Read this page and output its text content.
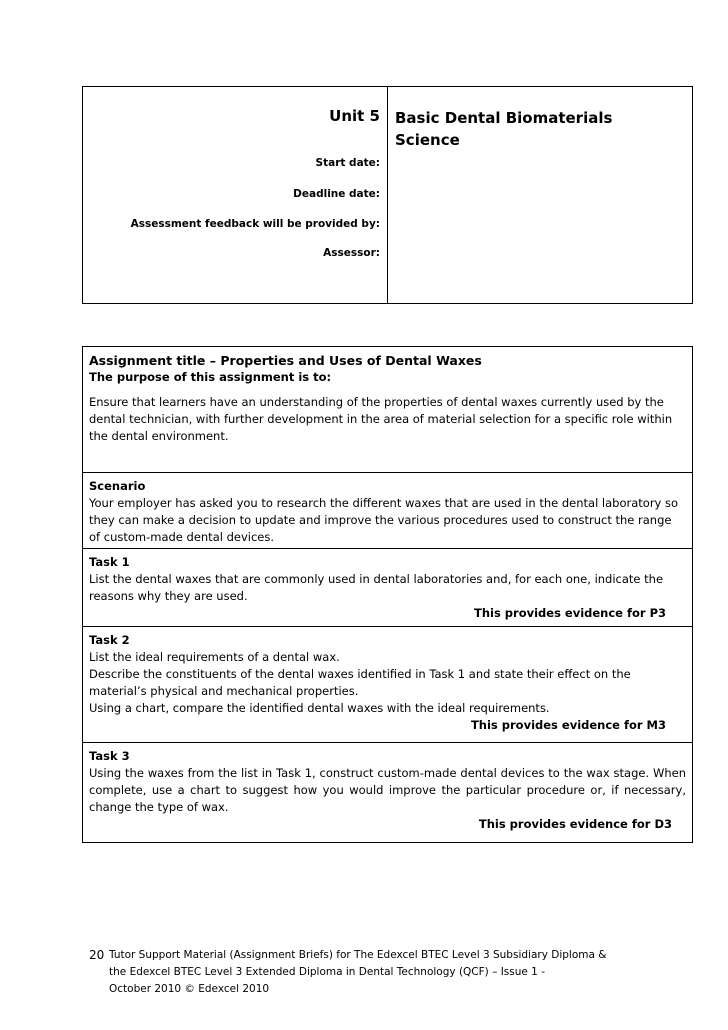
Unit 5 Basic Dental Biomaterials Science
Start date:
Deadline date:
Assessment feedback will be provided by:
Assessor:

Assignment title – Properties and Uses of Dental Waxes

The purpose of this assignment is to:

Ensure that learners have an understanding of the properties of dental waxes currently used by the dental technician, with further development in the area of material selection for a specific role within the dental environment.

Scenario

Your employer has asked you to research the different waxes that are used in the dental laboratory so they can make a decision to update and improve the various procedures used to construct the range of custom-made dental devices.

Task 1

List the dental waxes that are commonly used in dental laboratories and, for each one, indicate the reasons why they are used.

This provides evidence for P3

Task 2

List the ideal requirements of a dental wax.

Describe the constituents of the dental waxes identified in Task 1 and state their effect on the material’s physical and mechanical properties.

Using a chart, compare the identified dental waxes with the ideal requirements.

This provides evidence for M3

Task 3

Using the waxes from the list in Task 1, construct custom-made dental devices to the wax stage. When complete, use a chart to suggest how you would improve the particular procedure or, if necessary, change the type of wax.

This provides evidence for D3

20 Tutor Support Material (Assignment Briefs) for The Edexcel BTEC Level 3 Subsidiary Diploma &
the Edexcel BTEC Level 3 Extended Diploma in Dental Technology (QCF) – Issue 1 -
October 2010 © Edexcel 2010
